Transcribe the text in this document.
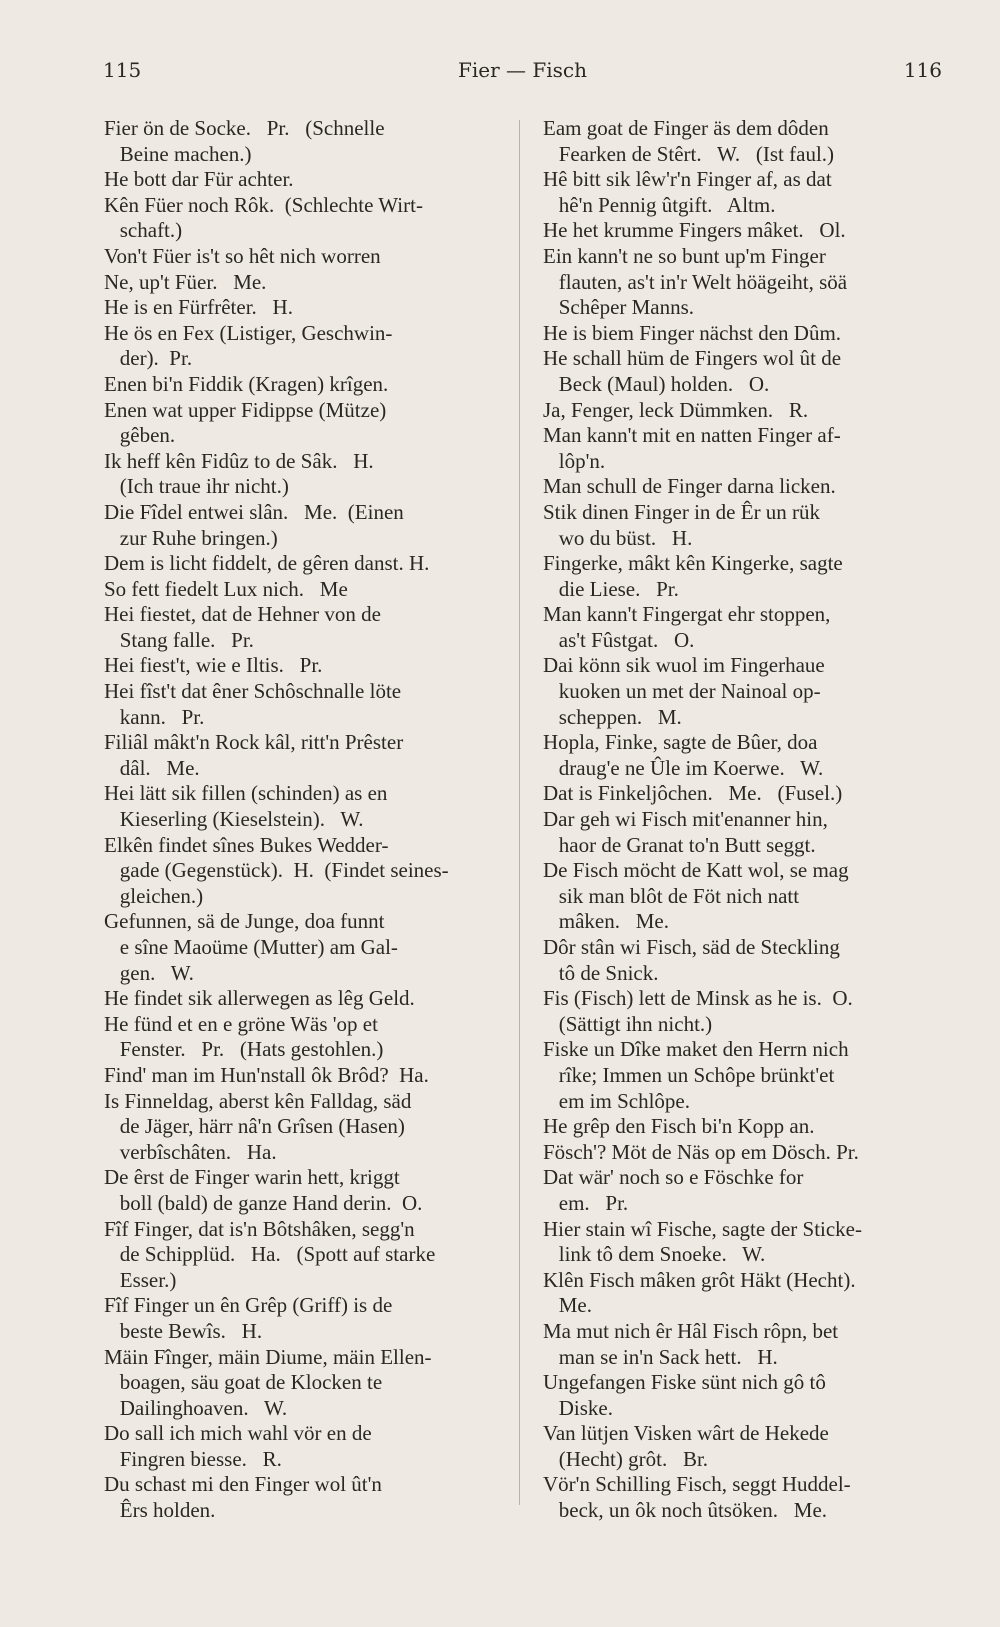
115	Fier — Fisch	116
Fier ön de Socke.   Pr.   (Schnelle
Beine machen.)
He bott dar Für achter.
Kên Füer noch Rôk.  (Schlechte Wirt-
schaft.)
Von't Füer is't so hêt nich worren
Ne, up't Füer.   Me.
He is en Fürfrêter.   H.
He ös en Fex (Listiger, Geschwin-
der).  Pr.
Enen bi'n Fiddik (Kragen) krîgen.
Enen wat upper Fidippse (Mütze)
gêben.
Ik heff kên Fidûz to de Sâk.   H.
(Ich traue ihr nicht.)
Die Fîdel entwei slân.   Me.  (Einen
zur Ruhe bringen.)
Dem is licht fiddelt, de gêren danst. H.
So fett fiedelt Lux nich.   Me
Hei fiestet, dat de Hehner von de
Stang falle.   Pr.
Hei fiest't, wie e Iltis.   Pr.
Hei fîst't dat êner Schôschnalle löte
kann.   Pr.
Filiâl mâkt'n Rock kâl, ritt'n Prêster
dâl.   Me.
Hei lätt sik fillen (schinden) as en
Kieserling (Kieselstein).   W.
Elkên findet sînes Bukes Wedder-
gade (Gegenstück).  H.  (Findet seines-
gleichen.)
Gefunnen, sä de Junge, doa funnt
e sîne Maoüme (Mutter) am Gal-
gen.   W.
He findet sik allerwegen as lêg Geld.
He fünd et en e gröne Wäs 'op et
Fenster.   Pr.   (Hats gestohlen.)
Find' man im Hun'nstall ôk Brôd?  Ha.
Is Finneldag, aberst kên Falldag, säd
de Jäger, härr nâ'n Grîsen (Hasen)
verbîschâten.   Ha.
De êrst de Finger warin hett, kriggt
boll (bald) de ganze Hand derin.  O.
Fîf Finger, dat is'n Bôtshâken, segg'n
de Schipplüd.   Ha.   (Spott auf starke
Esser.)
Fîf Finger un ên Grêp (Griff) is de
beste Bewîs.   H.
Mäin Fînger, mäin Diume, mäin Ellen-
boagen, säu goat de Klocken te
Dailinghoaven.   W.
Do sall ich mich wahl vör en de
Fingren biesse.   R.
Du schast mi den Finger wol ût'n
Êrs holden.
Eam goat de Finger äs dem dôden
Fearken de Stêrt.   W.   (Ist faul.)
Hê bitt sik lêw'r'n Finger af, as dat
hê'n Pennig ûtgift.   Altm.
He het krumme Fingers mâket.   Ol.
Ein kann't ne so bunt up'm Finger
flauten, as't in'r Welt höägeiht, söä
Schêper Manns.
He is biem Finger nächst den Dûm.
He schall hüm de Fingers wol ût de
Beck (Maul) holden.   O.
Ja, Fenger, leck Dümmken.   R.
Man kann't mit en natten Finger af-
lôp'n.
Man schull de Finger darna licken.
Stik dinen Finger in de Êr un rük
wo du büst.   H.
Fingerke, mâkt kên Kingerke, sagte
die Liese.   Pr.
Man kann't Fingergat ehr stoppen,
as't Fûstgat.   O.
Dai könn sik wuol im Fingerhaue
kuoken un met der Nainoal op-
scheppen.   M.
Hopla, Finke, sagte de Bûer, doa
draug'e ne Ûle im Koerwe.   W.
Dat is Finkeljôchen.   Me.   (Fusel.)
Dar geh wi Fisch mit'enanner hin,
haor de Granat to'n Butt seggt.
De Fisch möcht de Katt wol, se mag
sik man blôt de Föt nich natt
mâken.   Me.
Dôr stân wi Fisch, säd de Steckling
tô de Snick.
Fis (Fisch) lett de Minsk as he is.  O.
(Sättigt ihn nicht.)
Fiske un Dîke maket den Herrn nich
rîke; Immen un Schôpe brünkt'et
em im Schlôpe.
He grêp den Fisch bi'n Kopp an.
Fösch'? Möt de Näs op em Dösch. Pr.
Dat wär' noch so e Föschke for
em.   Pr.
Hier stain wî Fische, sagte der Sticke-
link tô dem Snoeke.   W.
Klên Fisch mâken grôt Häkt (Hecht).
Me.
Ma mut nich êr Hâl Fisch rôpn, bet
man se in'n Sack hett.   H.
Ungefangen Fiske sünt nich gô tô
Diske.
Van lütjen Visken wârt de Hekede
(Hecht) grôt.   Br.
Vör'n Schilling Fisch, seggt Huddel-
beck, un ôk noch ûtsöken.   Me.
